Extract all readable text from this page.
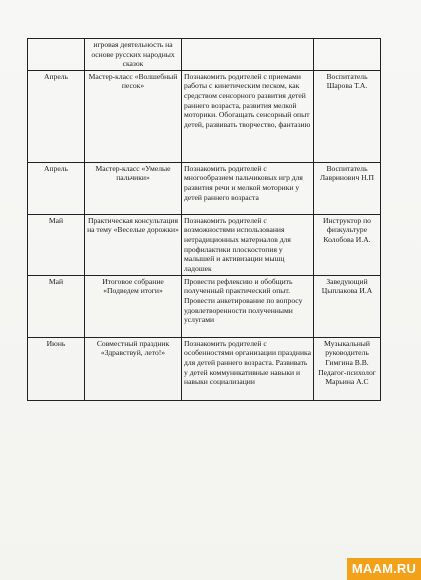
	игровая деятельность на основе русских народных сказок		
Апрель	Мастер-класс «Волшебный песок»	Познакомить родителей с приемами работы с кинетическим песком, как средством сенсорного развития детей раннего возраста, развития мелкой моторики. Обогащать сенсорный опыт детей, развивать творчество, фантазию	Воспитатель Шарова Т.А.
Апрель	Мастер-класс «Умелые пальчики»	Познакомить родителей с многообразием пальчиковых игр для развития речи и мелкой моторики у детей раннего возраста	Воспитатель Лавринович Н.П
Май	Практическая консультация на тему «Веселые дорожки»	Познакомить родителей с возможностями использования нетрадиционных материалов для профилактики плоскостопия у малышей и активизации мышц ладошек	Инструктор по физкультуре Колобова И.А.
Май	Итоговое собрание «Подведем итоги»	Провести рефлексию и обобщить полученный практический опыт. Провести анкетирование по вопросу удовлетворенности полученными услугами	Заведующий Цыплакова И.А
Июнь	Совместный праздник «Здравствуй, лето!»	Познакомить родителей с особенностями организации праздника для детей раннего возраста. Развивать у детей коммуникативные навыки и навыки социализации	Музыкальный руководитель Гимгина В.В. Педагог-психолог Марьина А.С
MAAM.RU
